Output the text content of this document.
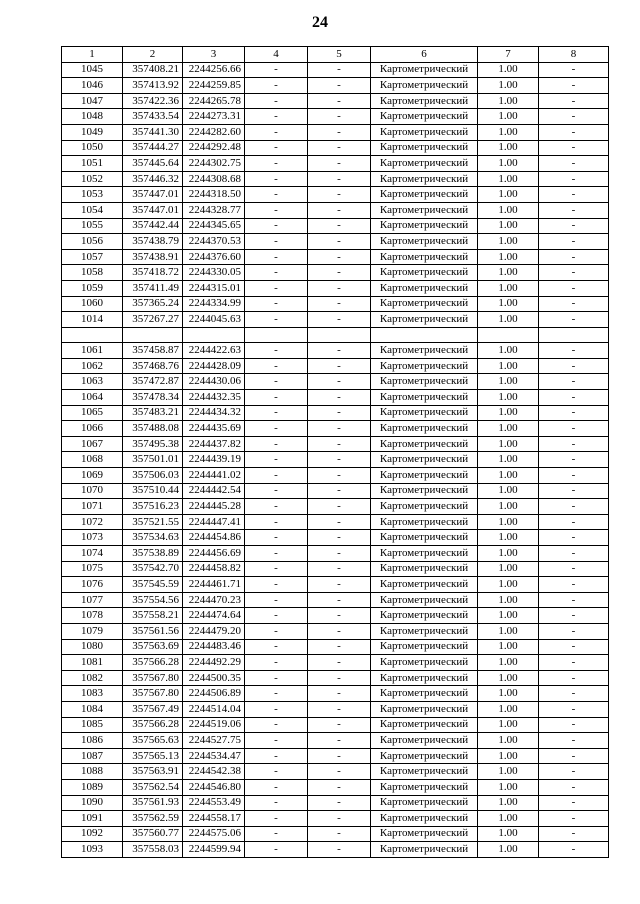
24
1	2	3	4	5	6	7	8
1045	357408.21	2244256.66	-	-	Картометрический	1.00	-
1046	357413.92	2244259.85	-	-	Картометрический	1.00	-
1047	357422.36	2244265.78	-	-	Картометрический	1.00	-
1048	357433.54	2244273.31	-	-	Картометрический	1.00	-
1049	357441.30	2244282.60	-	-	Картометрический	1.00	-
1050	357444.27	2244292.48	-	-	Картометрический	1.00	-
1051	357445.64	2244302.75	-	-	Картометрический	1.00	-
1052	357446.32	2244308.68	-	-	Картометрический	1.00	-
1053	357447.01	2244318.50	-	-	Картометрический	1.00	-
1054	357447.01	2244328.77	-	-	Картометрический	1.00	-
1055	357442.44	2244345.65	-	-	Картометрический	1.00	-
1056	357438.79	2244370.53	-	-	Картометрический	1.00	-
1057	357438.91	2244376.60	-	-	Картометрический	1.00	-
1058	357418.72	2244330.05	-	-	Картометрический	1.00	-
1059	357411.49	2244315.01	-	-	Картометрический	1.00	-
1060	357365.24	2244334.99	-	-	Картометрический	1.00	-
1014	357267.27	2244045.63	-	-	Картометрический	1.00	-

1061	357458.87	2244422.63	-	-	Картометрический	1.00	-
1062	357468.76	2244428.09	-	-	Картометрический	1.00	-
1063	357472.87	2244430.06	-	-	Картометрический	1.00	-
1064	357478.34	2244432.35	-	-	Картометрический	1.00	-
1065	357483.21	2244434.32	-	-	Картометрический	1.00	-
1066	357488.08	2244435.69	-	-	Картометрический	1.00	-
1067	357495.38	2244437.82	-	-	Картометрический	1.00	-
1068	357501.01	2244439.19	-	-	Картометрический	1.00	-
1069	357506.03	2244441.02	-	-	Картометрический	1.00	-
1070	357510.44	2244442.54	-	-	Картометрический	1.00	-
1071	357516.23	2244445.28	-	-	Картометрический	1.00	-
1072	357521.55	2244447.41	-	-	Картометрический	1.00	-
1073	357534.63	2244454.86	-	-	Картометрический	1.00	-
1074	357538.89	2244456.69	-	-	Картометрический	1.00	-
1075	357542.70	2244458.82	-	-	Картометрический	1.00	-
1076	357545.59	2244461.71	-	-	Картометрический	1.00	-
1077	357554.56	2244470.23	-	-	Картометрический	1.00	-
1078	357558.21	2244474.64	-	-	Картометрический	1.00	-
1079	357561.56	2244479.20	-	-	Картометрический	1.00	-
1080	357563.69	2244483.46	-	-	Картометрический	1.00	-
1081	357566.28	2244492.29	-	-	Картометрический	1.00	-
1082	357567.80	2244500.35	-	-	Картометрический	1.00	-
1083	357567.80	2244506.89	-	-	Картометрический	1.00	-
1084	357567.49	2244514.04	-	-	Картометрический	1.00	-
1085	357566.28	2244519.06	-	-	Картометрический	1.00	-
1086	357565.63	2244527.75	-	-	Картометрический	1.00	-
1087	357565.13	2244534.47	-	-	Картометрический	1.00	-
1088	357563.91	2244542.38	-	-	Картометрический	1.00	-
1089	357562.54	2244546.80	-	-	Картометрический	1.00	-
1090	357561.93	2244553.49	-	-	Картометрический	1.00	-
1091	357562.59	2244558.17	-	-	Картометрический	1.00	-
1092	357560.77	2244575.06	-	-	Картометрический	1.00	-
1093	357558.03	2244599.94	-	-	Картометрический	1.00	-
